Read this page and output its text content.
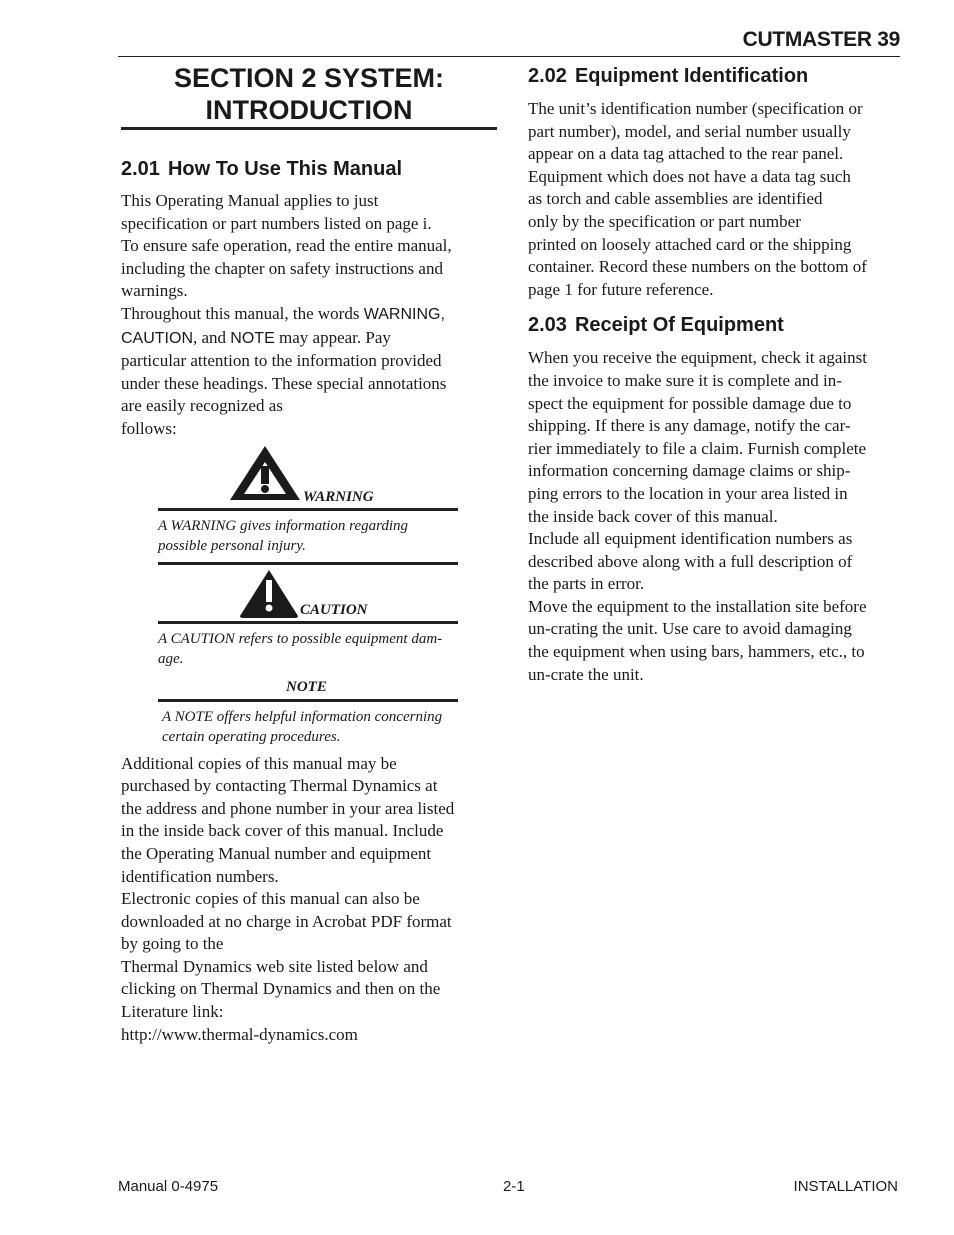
CUTMASTER 39
SECTION 2 SYSTEM:
INTRODUCTION
2.01 How To Use This Manual

This Operating Manual applies to just

specification or part numbers listed on page i.

To ensure safe operation, read the entire manual,

including the chapter on safety instructions and

warnings.

Throughout this manual, the words WARNING,

CAUTION, and NOTE may appear. Pay

particular attention to the information provided

under these headings. These special annotations

are easily recognized as

follows:

WARNING

A WARNING gives information regarding possible personal injury.

CAUTION

A CAUTION refers to possible equipment dam-age.

NOTE

A NOTE offers helpful information concerning certain operating procedures.

Additional copies of this manual may be

purchased by contacting Thermal Dynamics at

the address and phone number in your area listed

in the inside back cover of this manual. Include

the Operating Manual number and equipment

identification numbers.

Electronic copies of this manual can also be

downloaded at no charge in Acrobat PDF format

by going to the

Thermal Dynamics web site listed below and

clicking on Thermal Dynamics and then on the

Literature link:

http://www.thermal-dynamics.com

2.02 Equipment Identification

The unit’s identification number (specification or

part number), model, and serial number usually

appear on a data tag attached to the rear panel.

Equipment which does not have a data tag such

as torch and cable assemblies are identified

only by the specification or part number

printed on loosely attached card or the shipping

container. Record these numbers on the bottom of

page 1 for future reference.

2.03 Receipt Of Equipment

When you receive the equipment, check it against

the invoice to make sure it is complete and in-

spect the equipment for possible damage due to

shipping. If there is any damage, notify the car-

rier immediately to file a claim. Furnish complete

information concerning damage claims or ship-

ping errors to the location in your area listed in

the inside back cover of this manual.

Include all equipment identification numbers as

described above along with a full description of

the parts in error.

Move the equipment to the installation site before

un-crating the unit. Use care to avoid damaging

the equipment when using bars, hammers, etc., to

un-crate the unit.

Manual 0-4975	2-1	INSTALLATION
